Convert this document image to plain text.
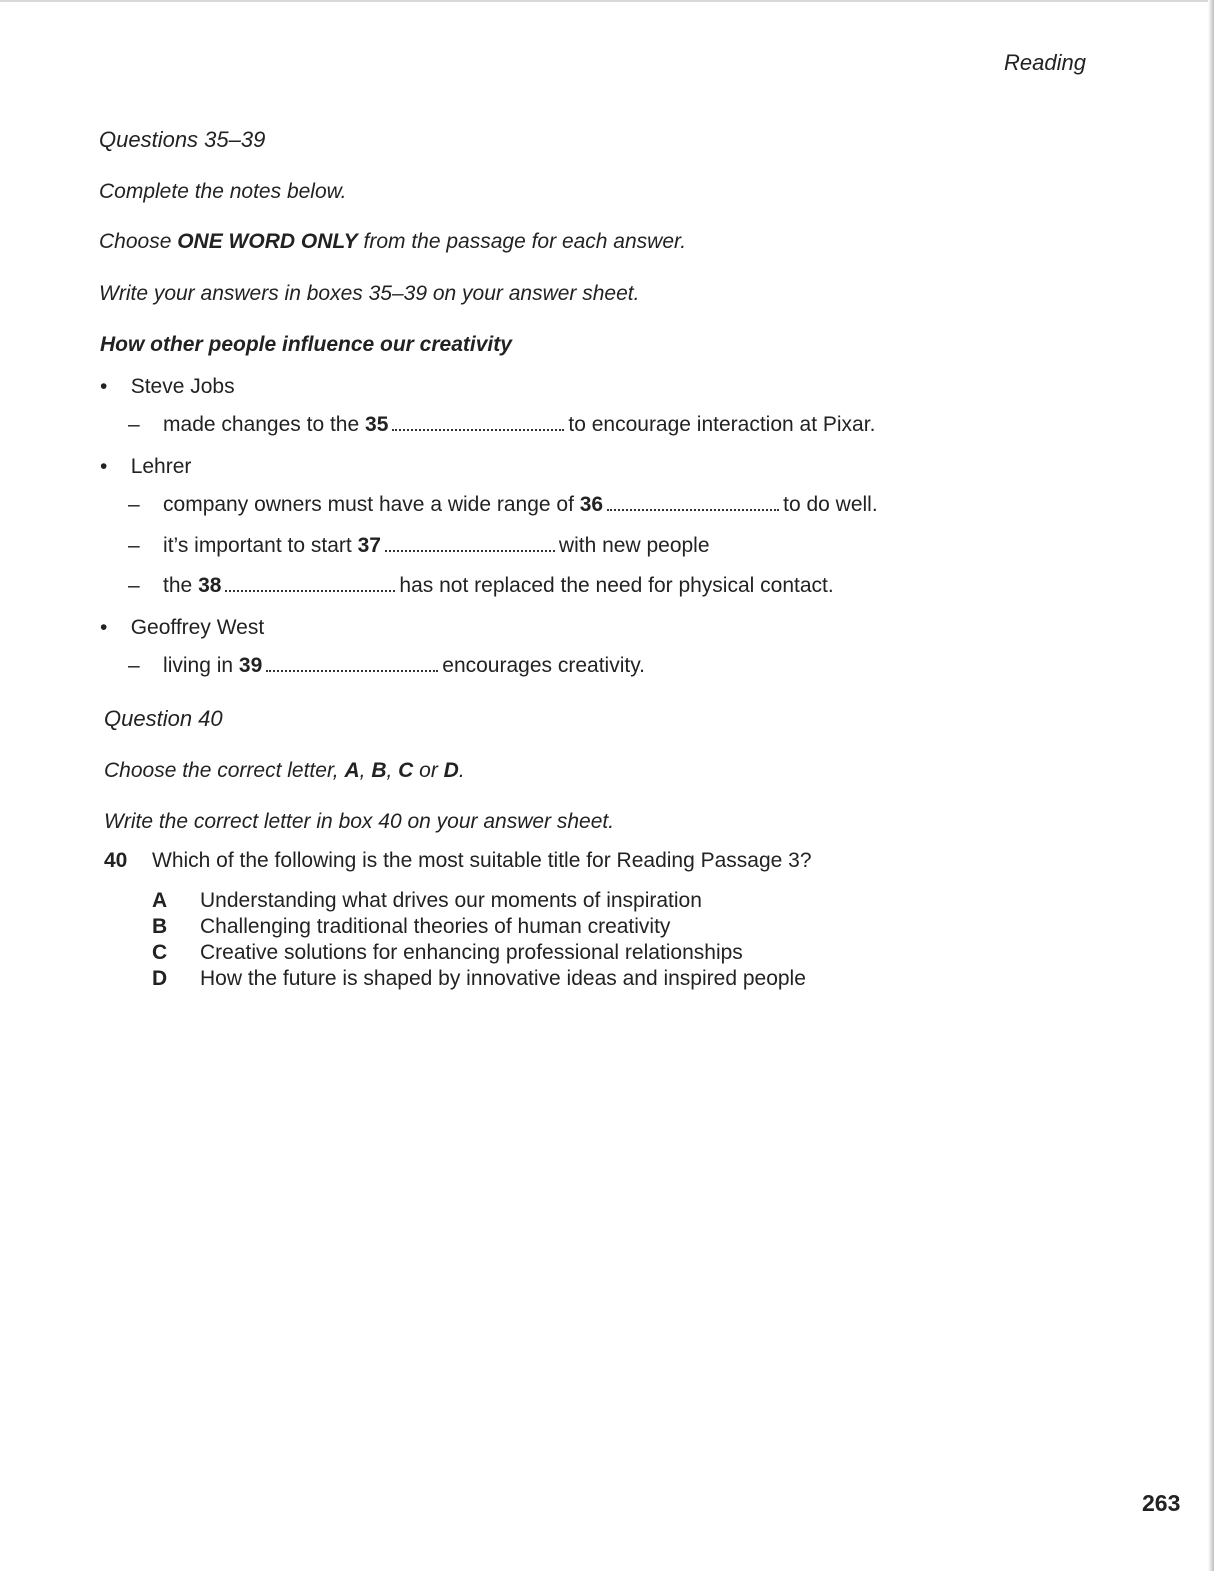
Reading
Questions 35–39
Complete the notes below.
Choose ONE WORD ONLY from the passage for each answer.
Write your answers in boxes 35–39 on your answer sheet.
How other people influence our creativity
•    Steve Jobs
–    made changes to the 35	to encourage interaction at Pixar.
•    Lehrer
–    company owners must have a wide range of 36	to do well.
–    it’s important to start 37	with new people
–    the 38	has not replaced the need for physical contact.
•    Geoffrey West
–    living in 39	encourages creativity.
Question 40
Choose the correct letter, A, B, C or D.
Write the correct letter in box 40 on your answer sheet.
40 Which of the following is the most suitable title for Reading Passage 3?
A Understanding what drives our moments of inspiration
B Challenging traditional theories of human creativity
C Creative solutions for enhancing professional relationships
D How the future is shaped by innovative ideas and inspired people
263
